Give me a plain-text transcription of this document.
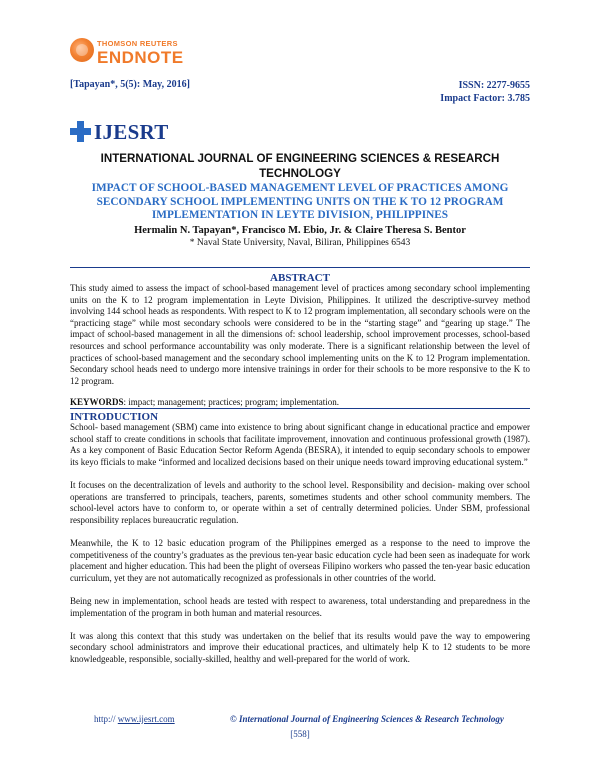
THOMSON REUTERS
ENDNOTE
[Tapayan*, 5(5): May, 2016]	ISSN: 2277-9655
Impact Factor: 3.785
IJESRT
INTERNATIONAL JOURNAL OF ENGINEERING SCIENCES & RESEARCH TECHNOLOGY
IMPACT OF SCHOOL-BASED MANAGEMENT LEVEL OF PRACTICES AMONG SECONDARY SCHOOL IMPLEMENTING UNITS ON THE K TO 12 PROGRAM IMPLEMENTATION IN LEYTE DIVISION, PHILIPPINES
Hermalin N. Tapayan*, Francisco M. Ebio, Jr. & Claire Theresa S. Bentor
* Naval State University, Naval, Biliran, Philippines 6543
ABSTRACT
This study aimed to assess the impact of school-based management level of practices among secondary school implementing units on the K to 12 program implementation in Leyte Division, Philippines. It utilized the descriptive-survey method involving 144 school heads as respondents. With respect to K to 12 program implementation, all secondary schools were on the “practicing stage” while most secondary schools were considered to be in the “starting stage” and “gearing up stage.” The impact of school-based management in all the dimensions of: school leadership, school improvement processes, school-based resources and school performance accountability was only moderate. There is a significant relationship between the level of practices of school-based management and the secondary school implementing units on the K to 12 Program implementation. Secondary school heads need to undergo more intensive trainings in order for their schools to be more responsive to the K to 12 program.
KEYWORDS: impact; management; practices; program; implementation.
INTRODUCTION

School- based management (SBM) came into existence to bring about significant change in educational practice and empower school staff to create conditions in schools that facilitate improvement, innovation and continuous professional growth (1987). As a key component of Basic Education Sector Reform Agenda (BESRA), it intended to equip secondary schools to empower its keyo fficials to make “informed and localized decisions based on their unique needs toward improving educational system.”

It focuses on the decentralization of levels and authority to the school level. Responsibility and decision- making over school operations are transferred to principals, teachers, parents, sometimes students and other school community members. The school-level actors have to conform to, or operate within a set of centrally determined policies. Under SBM, professional responsibility replaces bureaucratic regulation.

Meanwhile, the K to 12 basic education program of the Philippines emerged as a response to the need to improve the competitiveness of the country’s graduates as the previous ten-year basic education cycle had been seen as inadequate for work placement and higher education. This had been the plight of overseas Filipino workers who passed the ten-year basic education curriculum, yet they are not automatically recognized as professionals in other countries of the world.

Being new in implementation, school heads are tested with respect to awareness, total understanding and preparedness in the implementation of the program in both human and material resources.

It was along this context that this study was undertaken on the belief that its results would pave the way to empowering secondary school administrators and improve their educational practices, and ultimately help K to 12 students to be more knowledgeable, responsible, socially-skilled, healthy and well-prepared for the world of work.

http:// www.ijesrt.com	© International Journal of Engineering Sciences & Research Technology
[558]
